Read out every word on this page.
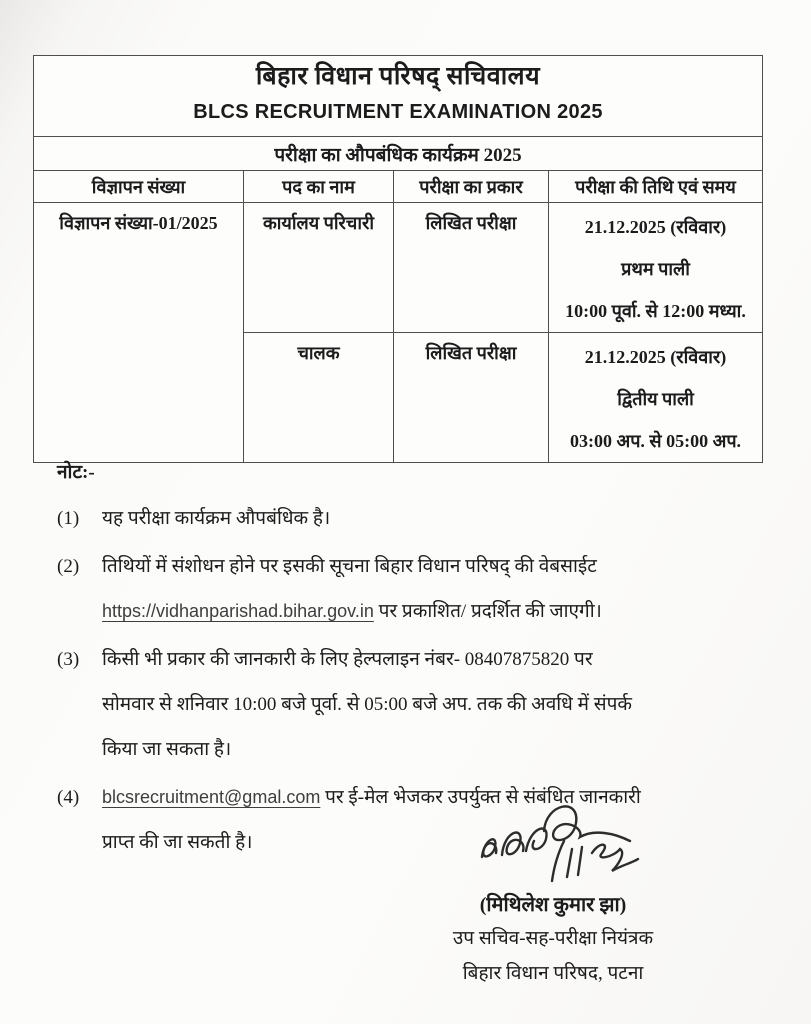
बिहार विधान परिषद् सचिवालय
BLCS RECRUITMENT EXAMINATION 2025			

परीक्षा का औपबंधिक कार्यक्रम 2025			
विज्ञापन संख्या	पद का नाम	परीक्षा का प्रकार	परीक्षा की तिथि एवं समय
विज्ञापन संख्या-01/2025	कार्यालय परिचारी	लिखित परीक्षा	21.12.2025 (रविवार)
प्रथम पाली
10:00 पूर्वा. से 12:00 मध्या.

	चालक	लिखित परीक्षा	21.12.2025 (रविवार)
द्वितीय पाली
03:00 अप. से 05:00 अप.
नोट:-
(1)	यह परीक्षा कार्यक्रम औपबंधिक है।
(2)	तिथियों में संशोधन होने पर इसकी सूचना बिहार विधान परिषद् की वेबसाईट
https://vidhanparishad.bihar.gov.in पर प्रकाशित/ प्रदर्शित की जाएगी।
(3)	किसी भी प्रकार की जानकारी के लिए हेल्पलाइन नंबर- 08407875820 पर
सोमवार से शनिवार 10:00 बजे पूर्वा. से 05:00 बजे अप. तक की अवधि में संपर्क
किया जा सकता है।
(4)	blcsrecruitment@gmal.com पर ई-मेल भेजकर उपर्युक्त से संबंधित जानकारी
प्राप्त की जा सकती है।
(मिथिलेश कुमार झा)
उप सचिव-सह-परीक्षा नियंत्रक
बिहार विधान परिषद, पटना
